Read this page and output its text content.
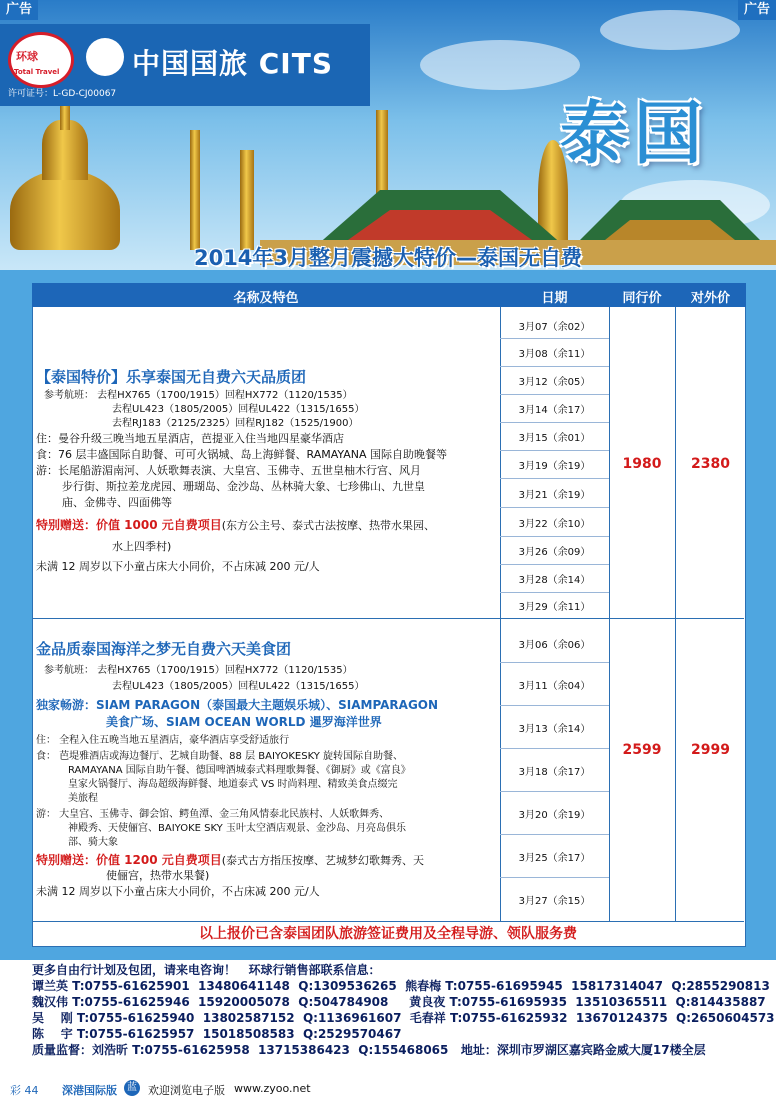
广告	广告
环球
Total Travel	中国国旅 CITS
许可证号：L-GD-CJ00067
泰国
2014年3月整月震撼大特价—泰国无自费
名称及特色	日期	同行价	对外价
3月07（余02）
3月08（余11）
3月12（余05）
3月14（余17）
3月15（余01）
3月19（余19）
3月21（余19）
3月22（余10）
3月26（余09）
3月28（余14）
3月29（余11）
1980	2380
【泰国特价】乐享泰国无自费六天品质团
参考航班： 去程HX765（1700/1915）回程HX772（1120/1535）
去程UL423（1805/2005）回程UL422（1315/1655）
去程RJ183（2125/2325）回程RJ182（1525/1900）
住：曼谷升级三晚当地五星酒店，芭提亚入住当地四星豪华酒店
食：76 层丰盛国际自助餐、可可火锅城、岛上海鲜餐、RAMAYANA 国际自助晚餐等
游：长尾船游湄南河、人妖歌舞表演、大皇宫、玉佛寺、五世皇柚木行宫、风月
步行街、斯拉差龙虎园、珊瑚岛、金沙岛、丛林骑大象、七珍佛山、九世皇
庙、金佛寺、四面佛等
特别赠送：价值 1000 元自费项目(东方公主号、泰式古法按摩、热带水果园、
水上四季村)
未满 12 周岁以下小童占床大小同价，不占床减 200 元/人
3月06（余06）
3月11（余04）
3月13（余14）
3月18（余17）
3月20（余19）
3月25（余17）
3月27（余15）
2599	2999
金品质泰国海洋之梦无自费六天美食团
参考航班： 去程HX765（1700/1915）回程HX772（1120/1535）
去程UL423（1805/2005）回程UL422（1315/1655）
独家畅游：SIAM PARAGON（泰国最大主题娱乐城）、SIAMPARAGON
美食广场、SIAM OCEAN WORLD 暹罗海洋世界
住： 全程入住五晚当地五星酒店，豪华酒店享受舒适旅行
食： 芭堤雅酒店或海边餐厅、艺城自助餐、88 层 BAIYOKESKY 旋转国际自助餐、
RAMAYANA 国际自助午餐、德国啤酒城泰式料理歌舞餐、《御厨》或《富良》
皇家火锅餐厅、海岛超级海鲜餐、地道泰式 VS 时尚料理、精致美食点缀完
美旅程
游： 大皇宫、玉佛寺、御会馆、鳄鱼潭、金三角风情泰北民族村、人妖歌舞秀、
神殿秀、天使俪宫、BAIYOKE SKY 玉叶太空酒店观景、金沙岛、月亮岛俱乐
部、骑大象
特别赠送：价值 1200 元自费项目(泰式古方指压按摩、艺城梦幻歌舞秀、天
使俪宫，热带水果餐)
未满 12 周岁以下小童占床大小同价，不占床减 200 元/人
以上报价已含泰国团队旅游签证费用及全程导游、领队服务费
更多自由行计划及包团，请来电咨询！   环球行销售部联系信息：
谭兰英 T:0755-61625901  13480641148  Q:1309536265  熊春梅 T:0755-61695945  15817314047  Q:2855290813
魏汉伟 T:0755-61625946  15920005078  Q:504784908     黄良夜 T:0755-61695935  13510365511  Q:814435887
吴    刚 T:0755-61625940  13802587152  Q:1136961607  毛春祥 T:0755-61625932  13670124375  Q:2650604573
陈    宇 T:0755-61625957  15018508583  Q:2529570467
质量监督：刘浩昕 T:0755-61625958  13715386423  Q:155468065   地址：深圳市罗湖区嘉宾路金威大厦17楼全层
彩 44 深港国际版	蓝 欢迎浏览电子版 www.zyoo.net
